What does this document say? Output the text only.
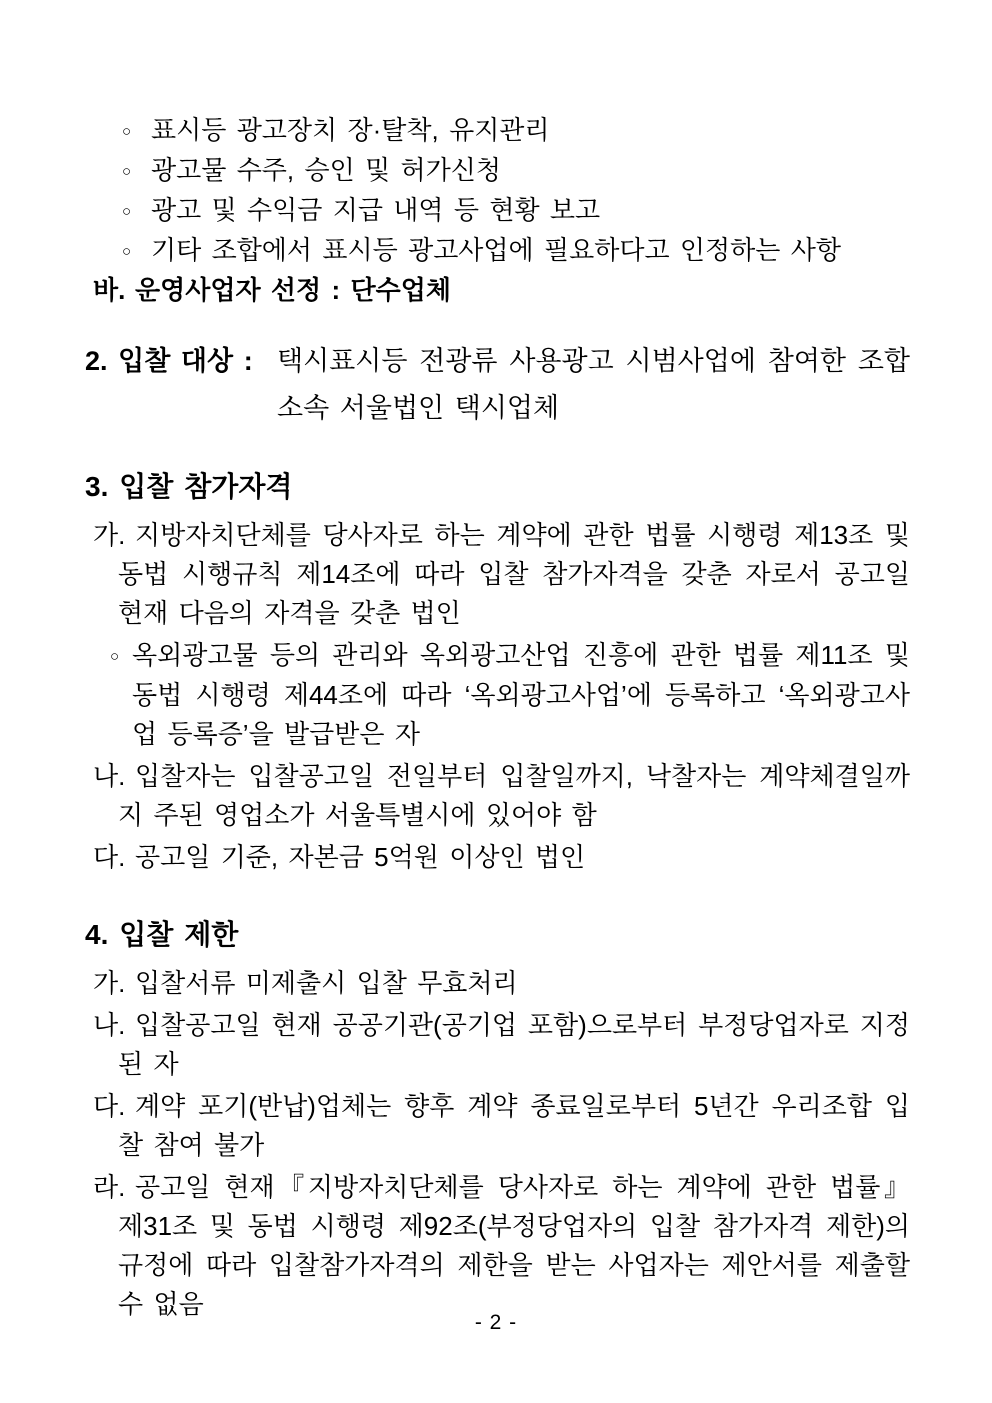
○ 표시등 광고장치 장·탈착, 유지관리
○ 광고물 수주, 승인 및 허가신청
○ 광고 및 수익금 지급 내역 등 현황 보고
○ 기타 조합에서 표시등 광고사업에 필요하다고 인정하는 사항
바. 운영사업자 선정 : 단수업체
2. 입찰 대상 : 택시표시등 전광류 사용광고 시범사업에 참여한 조합 소속 서울법인 택시업체
3. 입찰 참가자격
가. 지방자치단체를 당사자로 하는 계약에 관한 법률 시행령 제13조 및 동법 시행규칙 제14조에 따라 입찰 참가자격을 갖춘 자로서 공고일 현재 다음의 자격을 갖춘 법인
○ 옥외광고물 등의 관리와 옥외광고산업 진흥에 관한 법률 제11조 및 동법 시행령 제44조에 따라 ‘옥외광고사업’에 등록하고 ‘옥외광고사업 등록증’을 발급받은 자
나. 입찰자는 입찰공고일 전일부터 입찰일까지, 낙찰자는 계약체결일까지 주된 영업소가 서울특별시에 있어야 함
다. 공고일 기준, 자본금 5억원 이상인 법인
4. 입찰 제한
가. 입찰서류 미제출시 입찰 무효처리
나. 입찰공고일 현재 공공기관(공기업 포함)으로부터 부정당업자로 지정된 자
다. 계약 포기(반납)업체는 향후 계약 종료일로부터 5년간 우리조합 입찰 참여 불가
라. 공고일 현재『지방자치단체를 당사자로 하는 계약에 관한 법률』 제31조 및 동법 시행령 제92조(부정당업자의 입찰 참가자격 제한)의 규정에 따라 입찰참가자격의 제한을 받는 사업자는 제안서를 제출할 수 없음
- 2 -
